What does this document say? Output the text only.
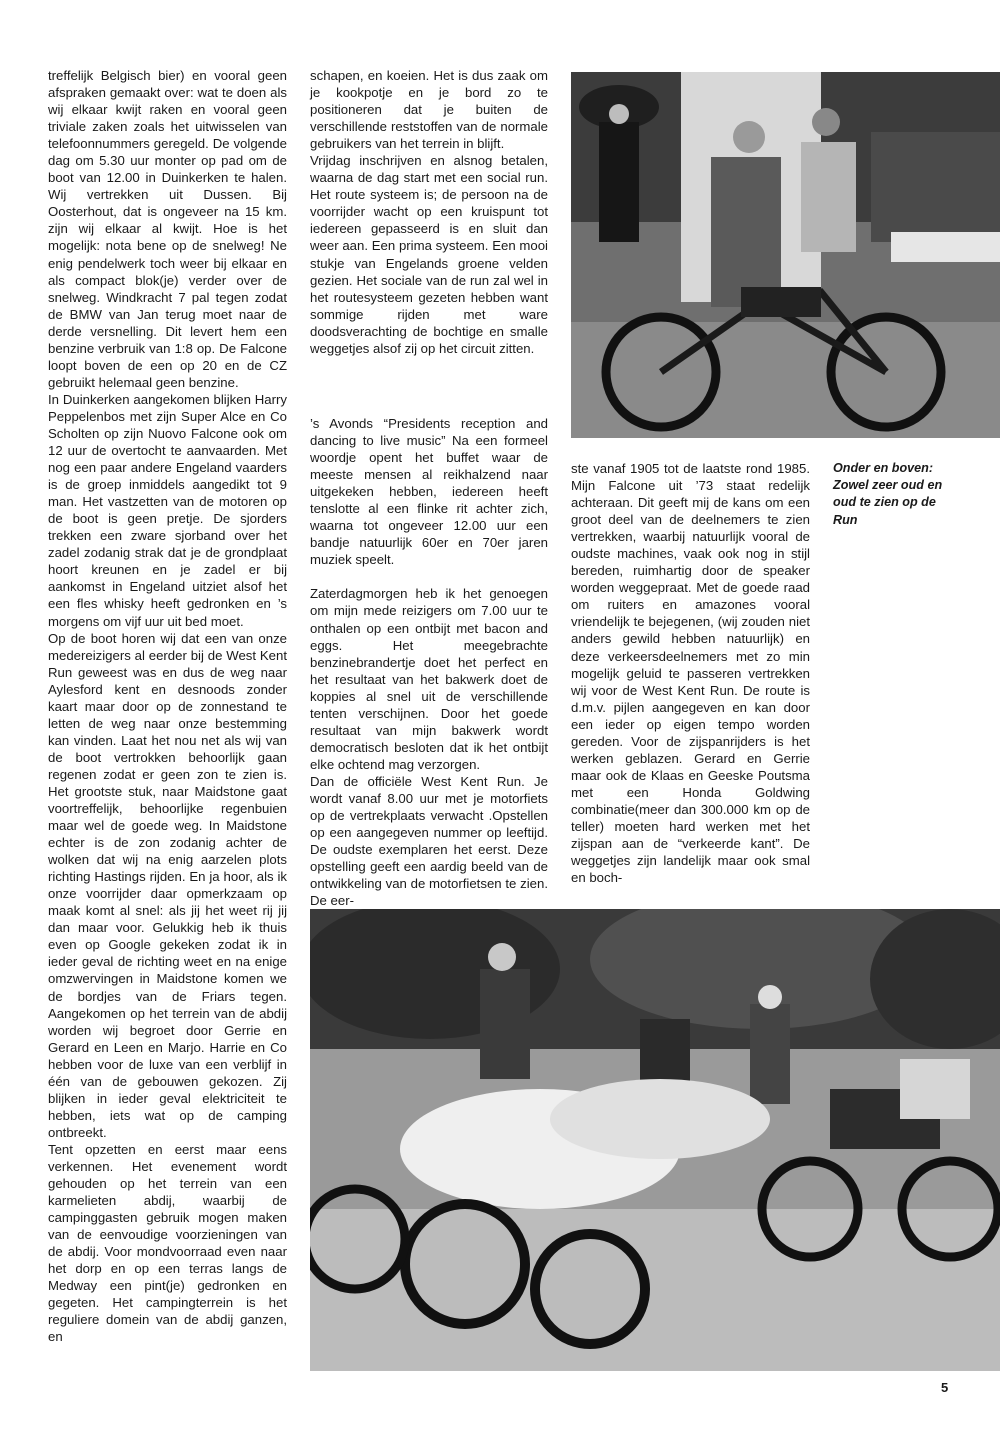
treffelijk Belgisch bier) en vooral geen afspraken gemaakt over: wat te doen als wij elkaar kwijt raken en vooral geen triviale zaken zoals het uitwisselen van telefoonnummers geregeld. De volgende dag om 5.30 uur monter op pad om de boot van 12.00 in Duinkerken te halen. Wij vertrekken uit Dussen. Bij Oosterhout, dat is ongeveer na 15 km. zijn wij elkaar al kwijt. Hoe is het mogelijk: nota bene op de snelweg! Ne enig pendelwerk toch weer bij elkaar en als compact blok(je) verder over de snelweg. Windkracht 7 pal tegen zodat de BMW van Jan terug moet naar de derde versnelling. Dit levert hem een benzine verbruik van 1:8 op. De Falcone loopt boven de een op 20 en de CZ gebruikt helemaal geen benzine.

In Duinkerken aangekomen blijken Harry Peppelenbos met zijn Super Alce en Co Scholten op zijn Nuovo Falcone ook om 12 uur de overtocht te aanvaarden. Met nog een paar andere Engeland vaarders is de groep inmiddels aangedikt tot 9 man. Het vastzetten van de motoren op de boot is geen pretje. De sjorders trekken een zware sjorband over het zadel zodanig strak dat je de grondplaat hoort kreunen en je zadel er bij aankomst in Engeland uitziet alsof het een fles whisky heeft gedronken en ’s morgens om vijf uur uit bed moet.

Op de boot horen wij dat een van onze medereizigers al eerder bij de West Kent Run geweest was en dus de weg naar Aylesford kent en desnoods zonder kaart maar door op de zonnestand te letten de weg naar onze bestemming kan vinden. Laat het nou net als wij van de boot vertrokken behoorlijk gaan regenen zodat er geen zon te zien is. Het grootste stuk, naar Maidstone gaat voortreffelijk, behoorlijke regenbuien maar wel de goede weg. In Maidstone echter is de zon zodanig achter de wolken dat wij na enig aarzelen plots richting Hastings rijden. En ja hoor, als ik onze voorrijder daar opmerkzaam op maak komt al snel: als jij het weet rij jij dan maar voor. Gelukkig heb ik thuis even op Google gekeken zodat ik in ieder geval de richting weet en na enige omzwervingen in Maidstone komen we de bordjes van de Friars tegen. Aangekomen op het terrein van de abdij worden wij begroet door Gerrie en Gerard en Leen en Marjo. Harrie en Co hebben voor de luxe van een verblijf in één van de gebouwen gekozen. Zij blijken in ieder geval elektriciteit te hebben, iets wat op de camping ontbreekt.

Tent opzetten en eerst maar eens verkennen. Het evenement wordt gehouden op het terrein van een karmelieten abdij, waarbij de campinggasten gebruik mogen maken van de eenvoudige voorzieningen van de abdij. Voor mondvoorraad even naar het dorp en op een terras langs de Medway een pint(je) gedronken en gegeten. Het campingterrein is het reguliere domein van de abdij ganzen, en

schapen, en koeien. Het is dus zaak om je kookpotje en je bord zo te positioneren dat je buiten de verschillende reststoffen van de normale gebruikers van het terrein in blijft.

Vrijdag inschrijven en alsnog betalen, waarna de dag start met een social run. Het route systeem is; de persoon na de voorrijder wacht op een kruispunt tot iedereen gepasseerd is en sluit dan weer aan. Een prima systeem. Een mooi stukje van Engelands groene velden gezien. Het sociale van de run zal wel in het routesysteem gezeten hebben want sommige rijden met ware doodsverachting de bochtige en smalle weggetjes alsof zij op het circuit zitten.

’s Avonds “Presidents reception and dancing to live music” Na een formeel woordje opent het buffet waar de meeste mensen al reikhalzend naar uitgekeken hebben, iedereen heeft tenslotte al een flinke rit achter zich, waarna tot ongeveer 12.00 uur een bandje natuurlijk 60er en 70er jaren muziek speelt.

Zaterdagmorgen heb ik het genoegen om mijn mede reizigers om 7.00 uur te onthalen op een ontbijt met bacon and eggs. Het meegebrachte benzinebrandertje doet het perfect en het resultaat van het bakwerk doet de koppies al snel uit de verschillende tenten verschijnen. Door het goede resultaat van mijn bakwerk wordt democratisch besloten dat ik het ontbijt elke ochtend mag verzorgen.

Dan de officiële West Kent Run. Je wordt vanaf 8.00 uur met je motorfiets op de vertrekplaats verwacht .Opstellen op een aangegeven nummer op leeftijd. De oudste exemplaren het eerst. Deze opstelling geeft een aardig beeld van de ontwikkeling van de motorfietsen te zien. De eer-

ste vanaf 1905 tot de laatste rond 1985. Mijn Falcone uit ’73 staat redelijk achteraan. Dit geeft mij de kans om een groot deel van de deelnemers te zien vertrekken, waarbij natuurlijk vooral de oudste machines, vaak ook nog in stijl bereden, ruimhartig door de speaker worden weggepraat. Met de goede raad om ruiters en amazones vooral vriendelijk te bejegenen, (wij zouden niet anders gewild hebben natuurlijk) en deze verkeersdeelnemers met zo min mogelijk geluid te passeren vertrekken wij voor de West Kent Run. De route is d.m.v. pijlen aangegeven en kan door een ieder op eigen tempo worden gereden. Voor de zijspanrijders is het werken geblazen. Gerard en Gerrie maar ook de Klaas en Geeske Poutsma met een Honda Goldwing combinatie(meer dan 300.000 km op de teller) moeten hard werken met het zijspan aan de “verkeerde kant”. De weggetjes zijn landelijk maar ook smal en boch-

Onder en boven: Zowel zeer oud en oud te zien op de Run
5
